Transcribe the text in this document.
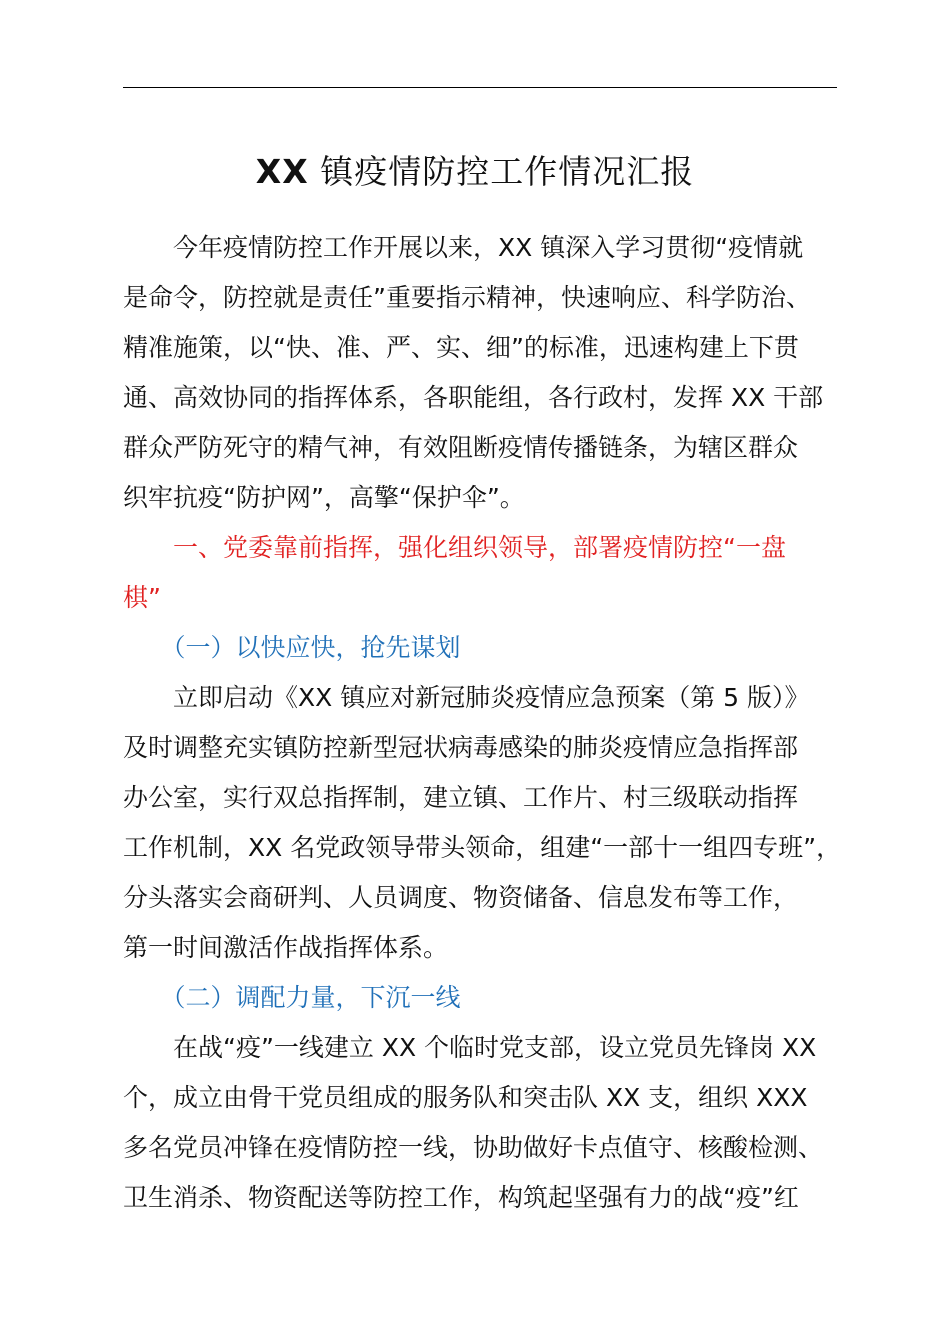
XX 镇疫情防控工作情况汇报

　　今年疫情防控工作开展以来，XX 镇深入学习贯彻“疫情就

是命令，防控就是责任”重要指示精神，快速响应、科学防治、

精准施策，以“快、准、严、实、细”的标准，迅速构建上下贯

通、高效协同的指挥体系，各职能组，各行政村，发挥 XX 干部

群众严防死守的精气神，有效阻断疫情传播链条，为辖区群众

织牢抗疫“防护网”，高擎“保护伞”。

　　一、党委靠前指挥，强化组织领导，部署疫情防控“一盘

棋”

　　（一）以快应快，抢先谋划

　　立即启动《XX 镇应对新冠肺炎疫情应急预案（第 5 版）》

及时调整充实镇防控新型冠状病毒感染的肺炎疫情应急指挥部

办公室，实行双总指挥制，建立镇、工作片、村三级联动指挥

工作机制，XX 名党政领导带头领命，组建“一部十一组四专班”，

分头落实会商研判、人员调度、物资储备、信息发布等工作，

第一时间激活作战指挥体系。

　　（二）调配力量，下沉一线

　　在战“疫”一线建立 XX 个临时党支部，设立党员先锋岗 XX

个，成立由骨干党员组成的服务队和突击队 XX 支，组织 XXX

多名党员冲锋在疫情防控一线，协助做好卡点值守、核酸检测、

卫生消杀、物资配送等防控工作，构筑起坚强有力的战“疫”红
